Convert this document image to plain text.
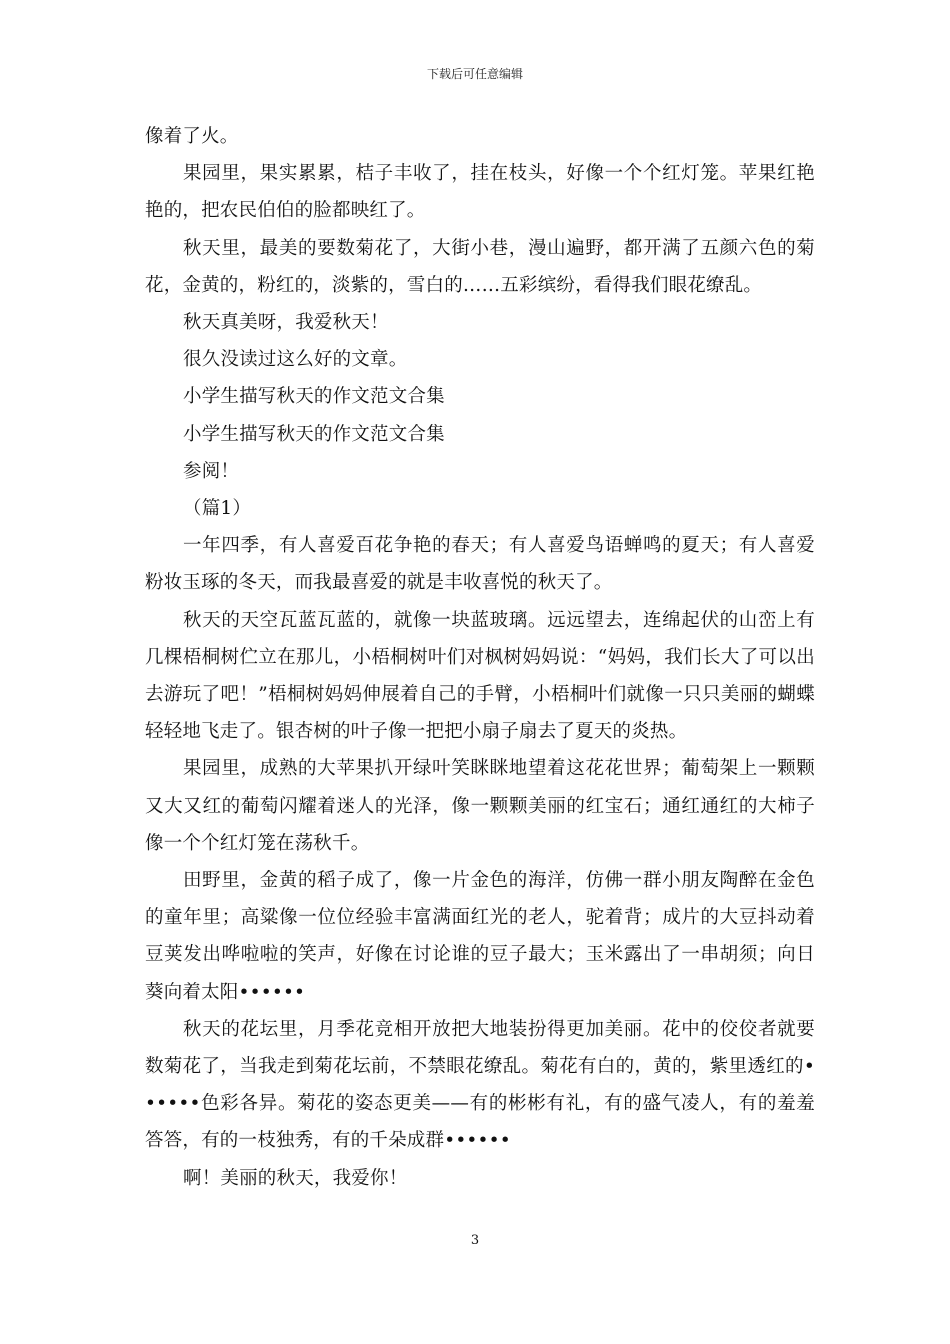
下载后可任意编辑

像着了火。

果园里，果实累累，桔子丰收了，挂在枝头，好像一个个红灯笼。苹果红艳艳的，把农民伯伯的脸都映红了。

秋天里，最美的要数菊花了，大街小巷，漫山遍野，都开满了五颜六色的菊花，金黄的，粉红的，淡紫的，雪白的……五彩缤纷，看得我们眼花缭乱。

秋天真美呀，我爱秋天！

很久没读过这么好的文章。

小学生描写秋天的作文范文合集

小学生描写秋天的作文范文合集

参阅！

（篇1）

一年四季，有人喜爱百花争艳的春天；有人喜爱鸟语蝉鸣的夏天；有人喜爱粉妆玉琢的冬天，而我最喜爱的就是丰收喜悦的秋天了。

秋天的天空瓦蓝瓦蓝的，就像一块蓝玻璃。远远望去，连绵起伏的山峦上有几棵梧桐树伫立在那儿，小梧桐树叶们对枫树妈妈说：“妈妈，我们长大了可以出去游玩了吧！”梧桐树妈妈伸展着自己的手臂，小梧桐叶们就像一只只美丽的蝴蝶轻轻地飞走了。银杏树的叶子像一把把小扇子扇去了夏天的炎热。

果园里，成熟的大苹果扒开绿叶笑眯眯地望着这花花世界；葡萄架上一颗颗又大又红的葡萄闪耀着迷人的光泽，像一颗颗美丽的红宝石；通红通红的大柿子像一个个红灯笼在荡秋千。

田野里，金黄的稻子成了，像一片金色的海洋，仿佛一群小朋友陶醉在金色的童年里；高粱像一位位经验丰富满面红光的老人，驼着背；成片的大豆抖动着豆荚发出哗啦啦的笑声，好像在讨论谁的豆子最大；玉米露出了一串胡须；向日葵向着太阳••••••

秋天的花坛里，月季花竞相开放把大地装扮得更加美丽。花中的佼佼者就要数菊花了，当我走到菊花坛前，不禁眼花缭乱。菊花有白的，黄的，紫里透红的••••••色彩各异。菊花的姿态更美——有的彬彬有礼，有的盛气凌人，有的羞羞答答，有的一枝独秀，有的千朵成群••••••

啊！美丽的秋天，我爱你！

3
